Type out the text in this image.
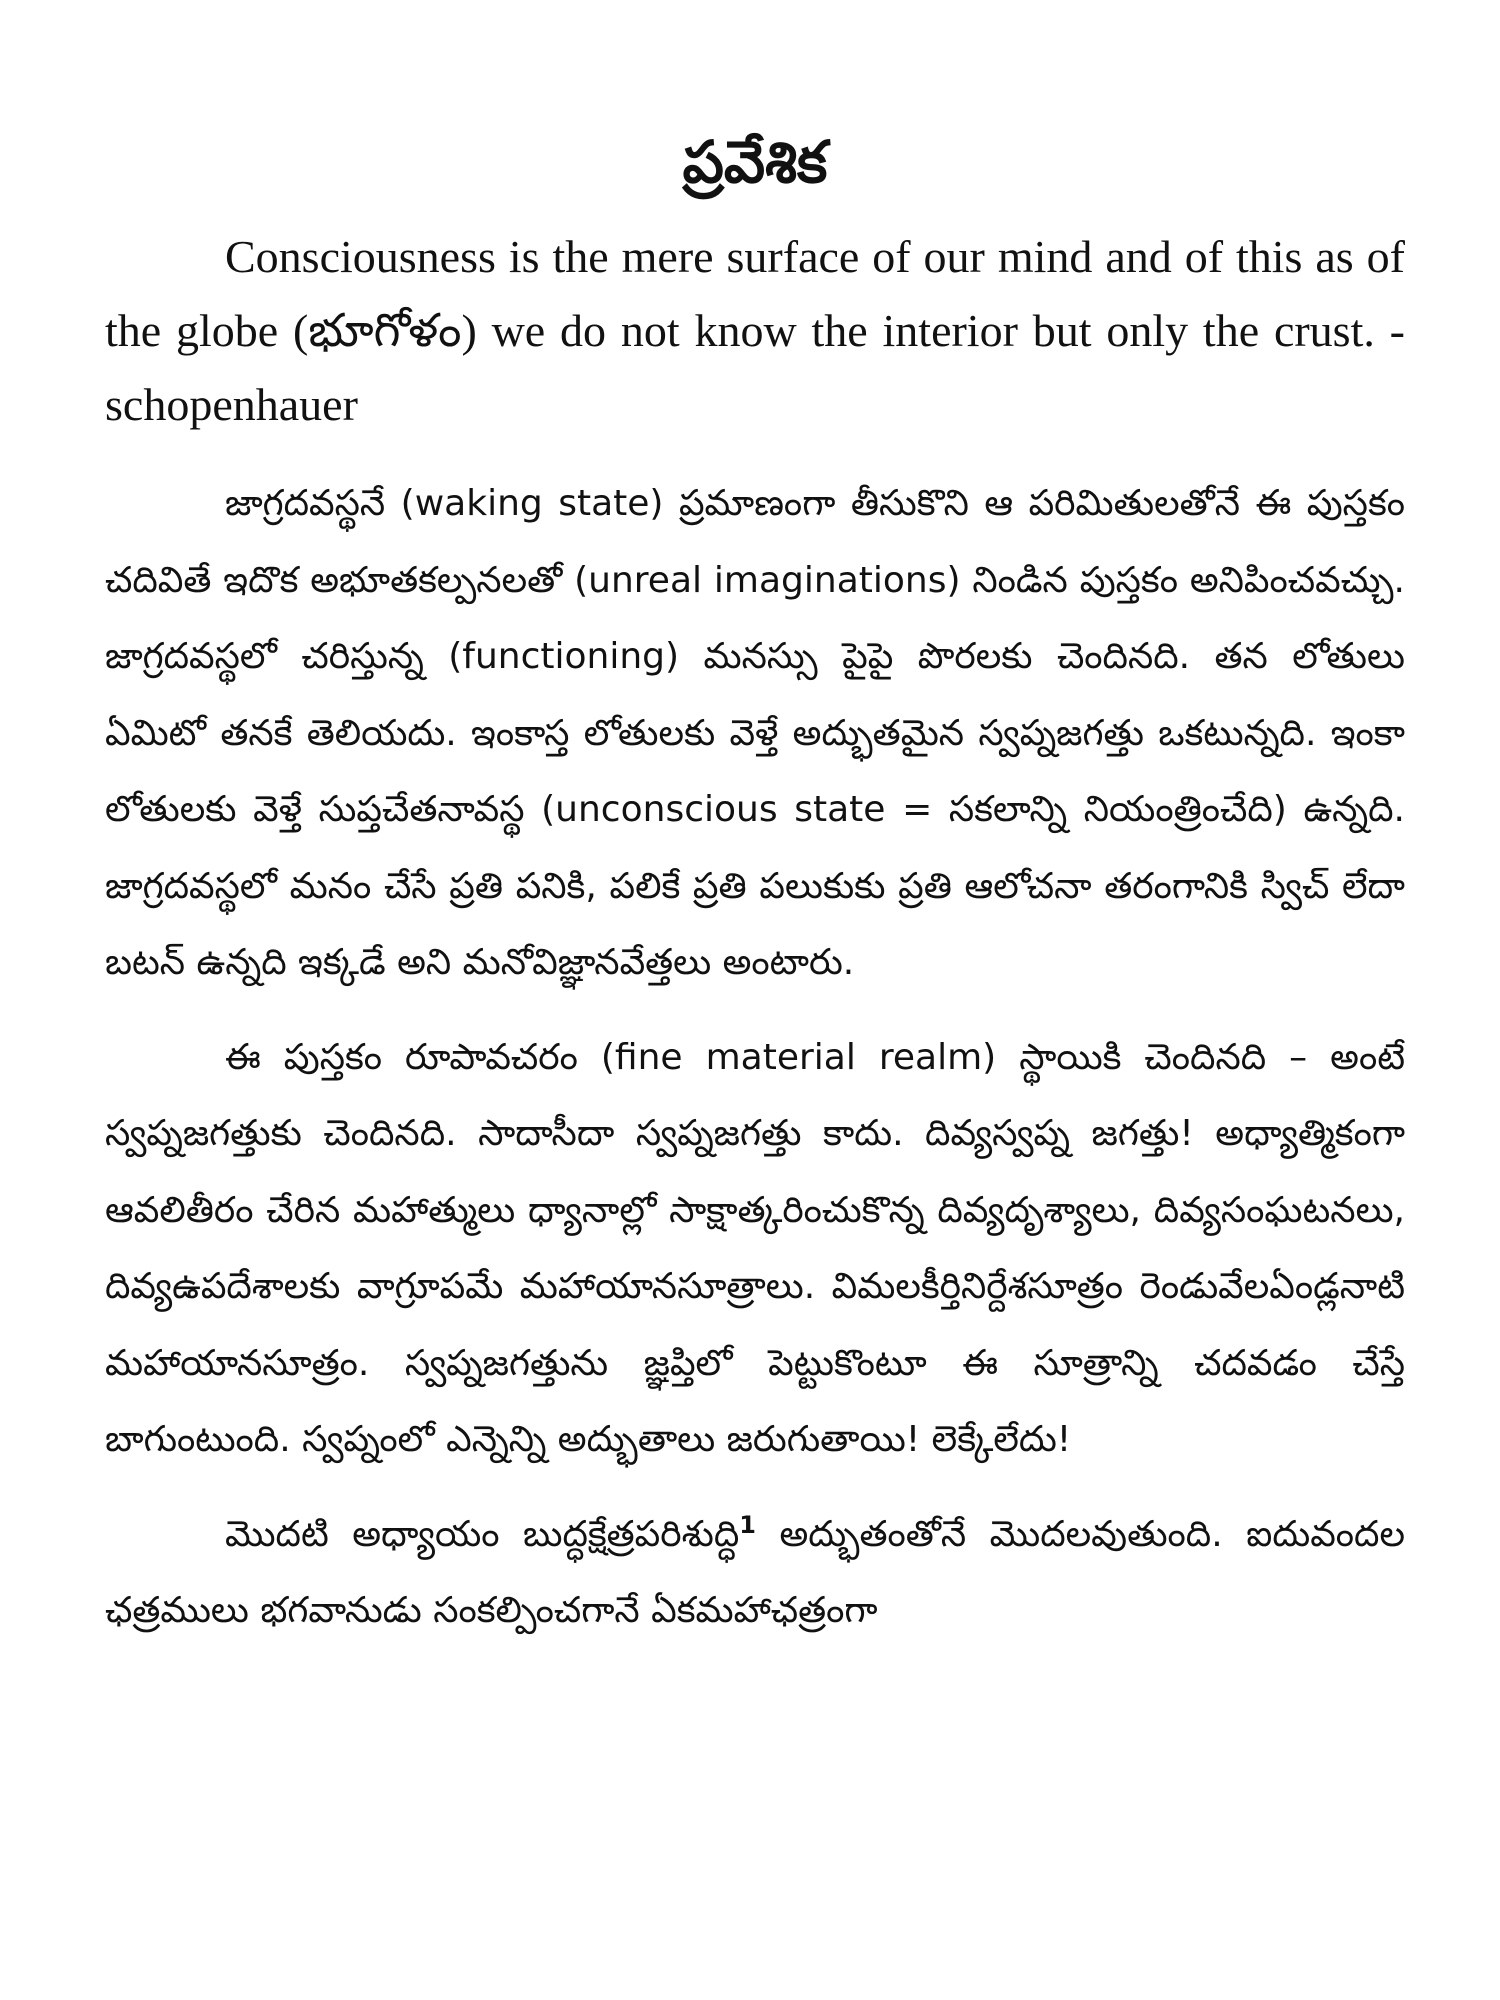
ప్రవేశిక

Consciousness is the mere surface of our mind and of this as of the globe (భూగోళం) we do not know the interior but only the crust. -schopenhauer

జాగ్రదవస్థనే (waking state) ప్రమాణంగా తీసుకొని ఆ పరిమితులతోనే ఈ పుస్తకం చదివితే ఇదొక అభూతకల్పనలతో (unreal imaginations) నిండిన పుస్తకం అనిపించవచ్చు. జాగ్రదవస్థలో చరిస్తున్న (functioning) మనస్సు పైపై పొరలకు చెందినది. తన లోతులు ఏమిటో తనకే తెలియదు. ఇంకాస్త లోతులకు వెళ్తే అద్భుతమైన స్వప్నజగత్తు ఒకటున్నది. ఇంకా లోతులకు వెళ్తే సుప్తచేతనావస్థ (unconscious state = సకలాన్ని నియంత్రించేది) ఉన్నది. జాగ్రదవస్థలో మనం చేసే ప్రతి పనికి, పలికే ప్రతి పలుకుకు ప్రతి ఆలోచనా తరంగానికి స్విచ్ లేదా బటన్ ఉన్నది ఇక్కడే అని మనోవిజ్ఞానవేత్తలు అంటారు.

ఈ పుస్తకం రూపావచరం (fine material realm) స్థాయికి చెందినది – అంటే స్వప్నజగత్తుకు చెందినది. సాదాసీదా స్వప్నజగత్తు కాదు. దివ్యస్వప్న జగత్తు! అధ్యాత్మికంగా ఆవలితీరం చేరిన మహాత్ములు ధ్యానాల్లో సాక్షాత్కరించుకొన్న దివ్యదృశ్యాలు, దివ్యసంఘటనలు, దివ్యఉపదేశాలకు వాగ్రూపమే మహాయానసూత్రాలు. విమలకీర్తినిర్దేశసూత్రం రెండువేలఏండ్లనాటి మహాయానసూత్రం. స్వప్నజగత్తును జ్ఞప్తిలో పెట్టుకొంటూ ఈ సూత్రాన్ని చదవడం చేస్తే బాగుంటుంది. స్వప్నంలో ఎన్నెన్ని అద్భుతాలు జరుగుతాయి! లెక్కేలేదు!

మొదటి అధ్యాయం బుద్ధక్షేత్రపరిశుద్ధి$^1$ అద్భుతంతోనే మొదలవుతుంది. ఐదువందల ఛత్రములు భగవానుడు సంకల్పించగానే ఏకమహాఛత్రంగా
